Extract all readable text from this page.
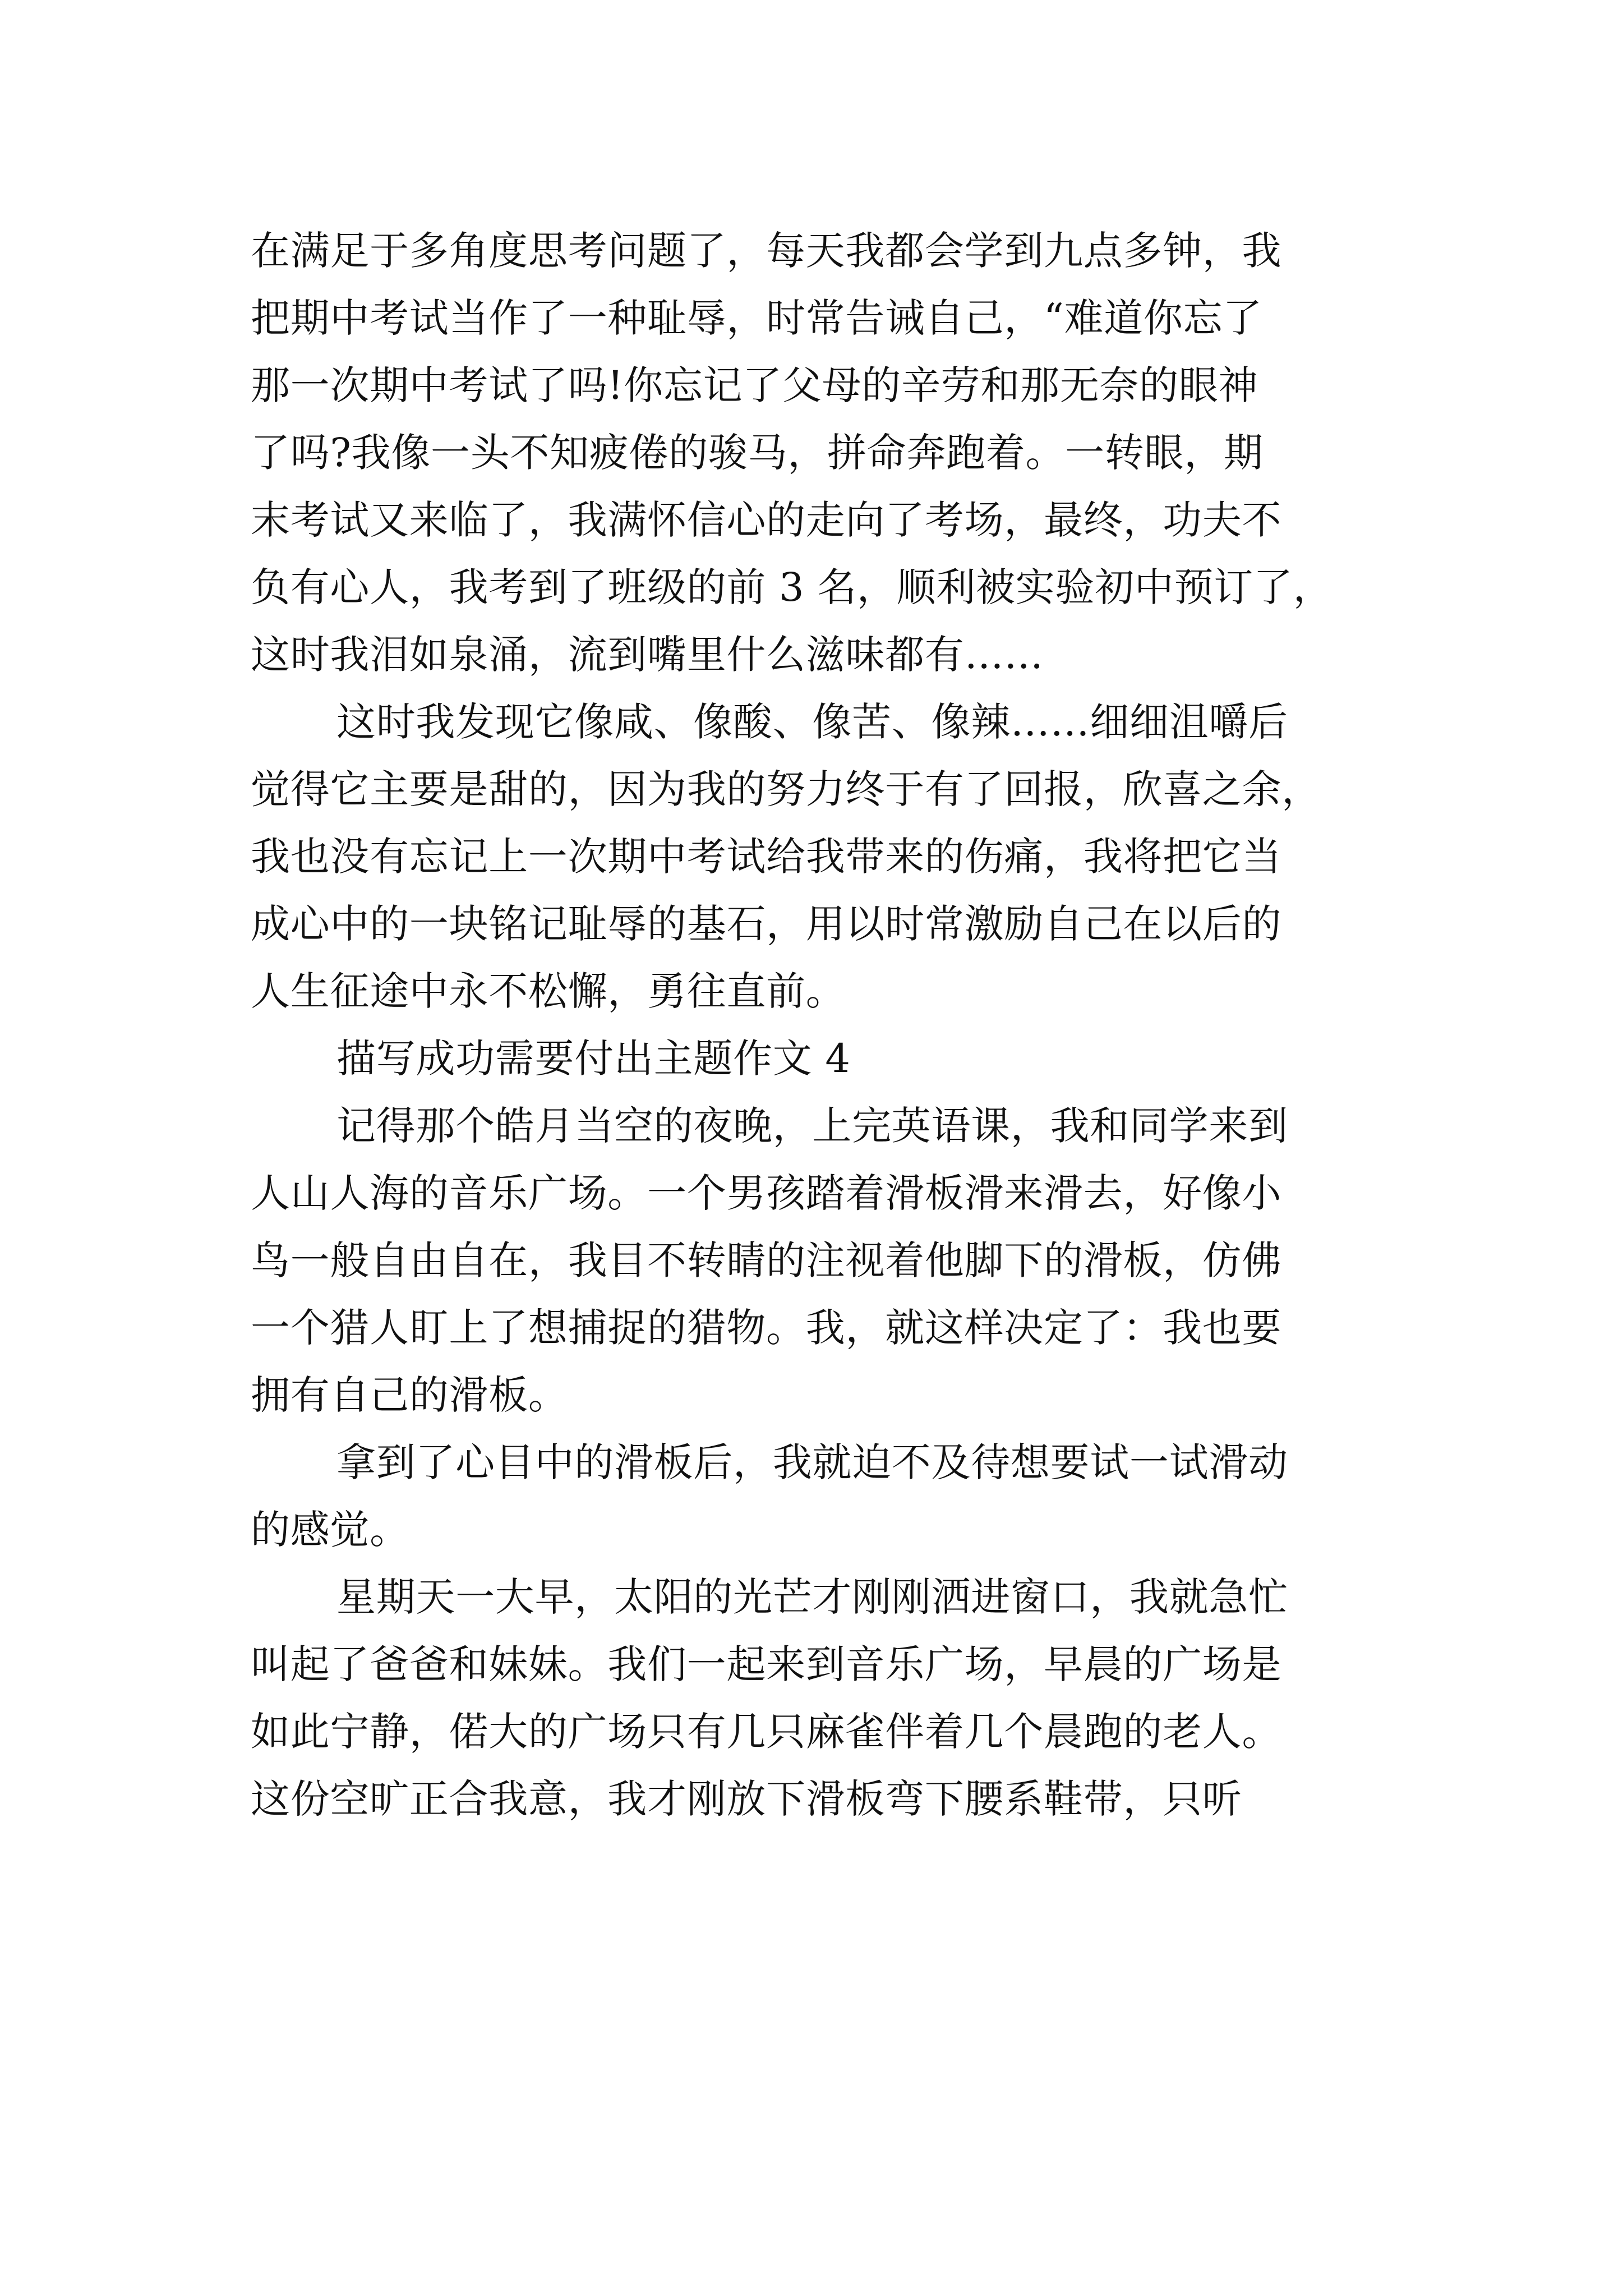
在满足于多角度思考问题了，每天我都会学到九点多钟，我
把期中考试当作了一种耻辱，时常告诫自己，“难道你忘了
那一次期中考试了吗!你忘记了父母的辛劳和那无奈的眼神
了吗?我像一头不知疲倦的骏马，拼命奔跑着。一转眼，期
末考试又来临了，我满怀信心的走向了考场，最终，功夫不
负有心人，我考到了班级的前 3 名，顺利被实验初中预订了，
这时我泪如泉涌，流到嘴里什么滋味都有……
这时我发现它像咸、像酸、像苦、像辣……细细沮嚼后
觉得它主要是甜的，因为我的努力终于有了回报，欣喜之余，
我也没有忘记上一次期中考试给我带来的伤痛，我将把它当
成心中的一块铭记耻辱的基石，用以时常激励自己在以后的
人生征途中永不松懈，勇往直前。
描写成功需要付出主题作文 4
记得那个皓月当空的夜晚，上完英语课，我和同学来到
人山人海的音乐广场。一个男孩踏着滑板滑来滑去，好像小
鸟一般自由自在，我目不转睛的注视着他脚下的滑板，仿佛
一个猎人盯上了想捕捉的猎物。我，就这样决定了：我也要
拥有自己的滑板。
拿到了心目中的滑板后，我就迫不及待想要试一试滑动
的感觉。
星期天一大早，太阳的光芒才刚刚洒进窗口，我就急忙
叫起了爸爸和妹妹。我们一起来到音乐广场，早晨的广场是
如此宁静，偌大的广场只有几只麻雀伴着几个晨跑的老人。
这份空旷正合我意，我才刚放下滑板弯下腰系鞋带，只听
